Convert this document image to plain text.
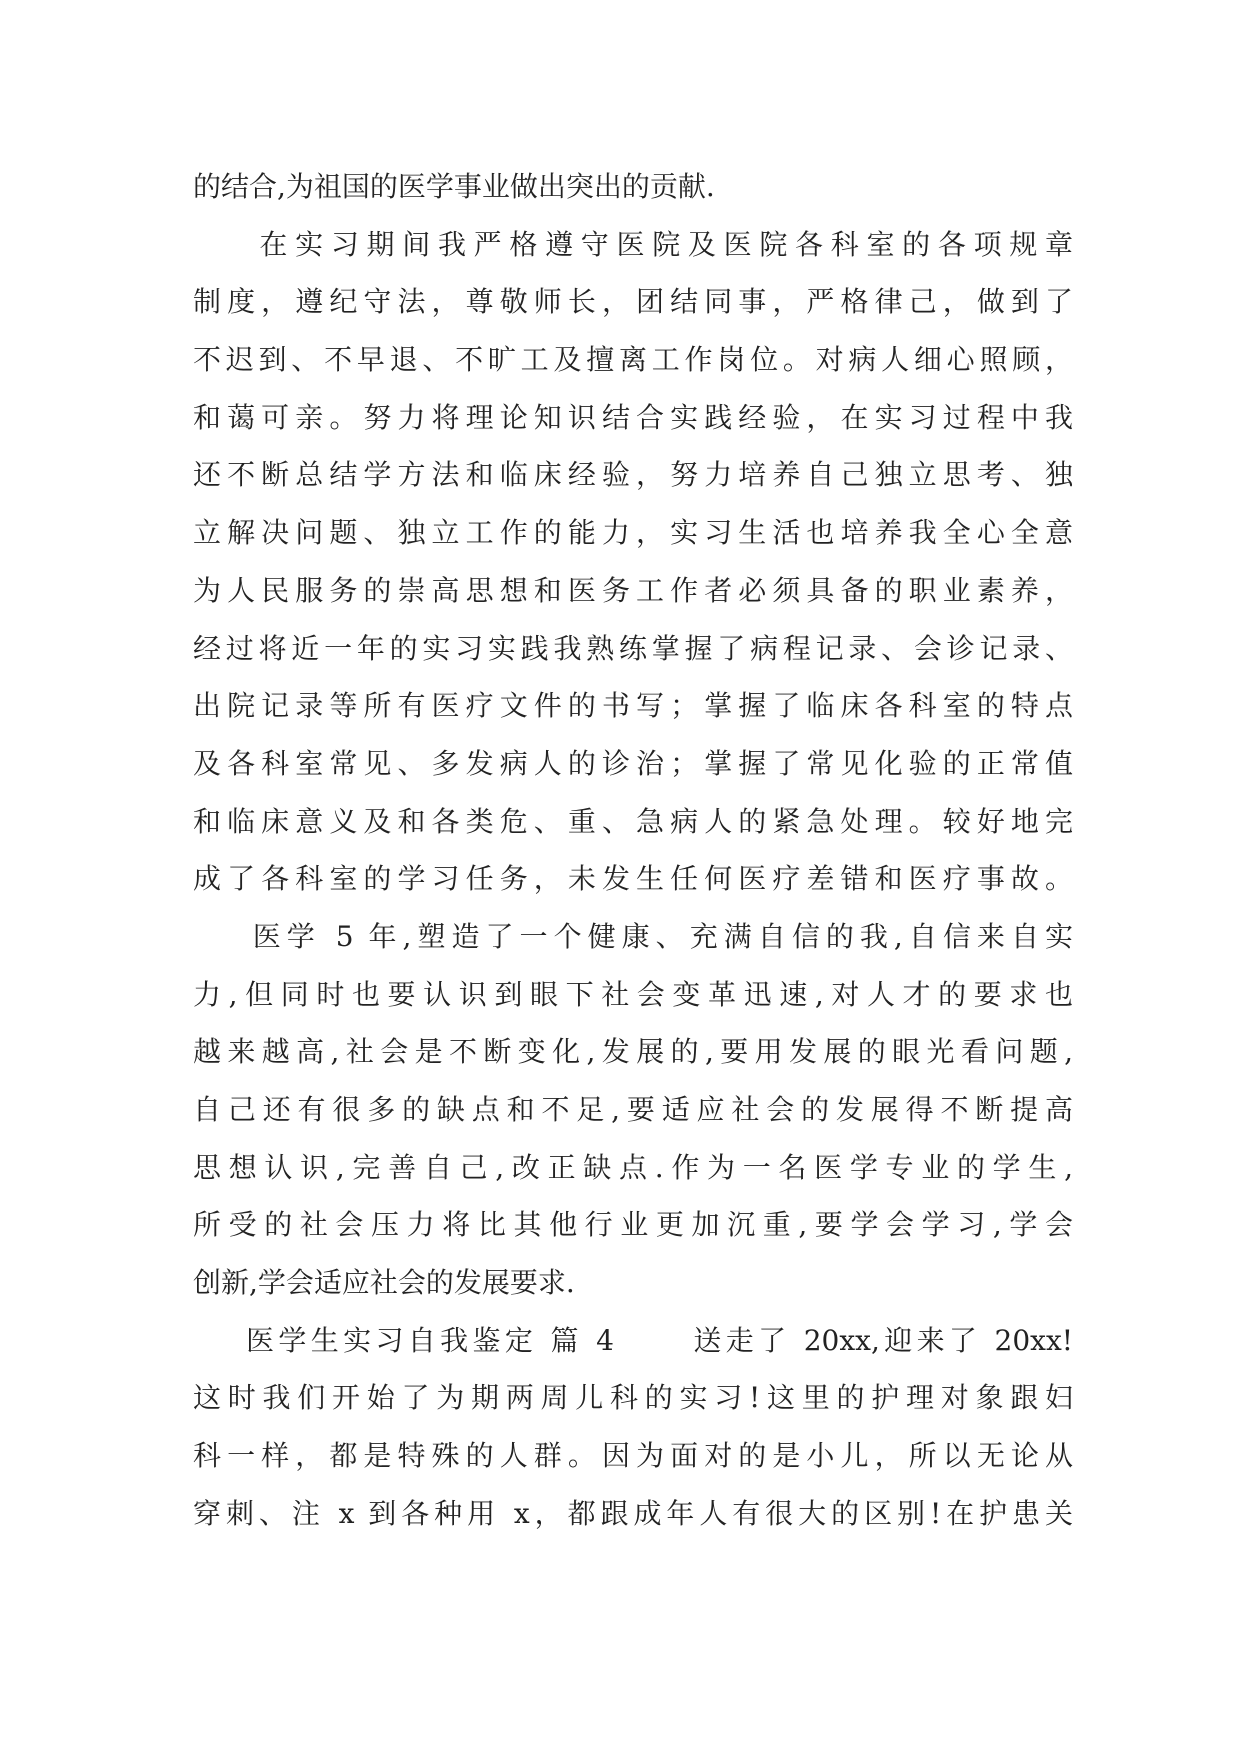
的结合,为祖国的医学事业做出突出的贡献.
在实习期间我严格遵守医院及医院各科室的各项规章
制度，遵纪守法，尊敬师长，团结同事，严格律己，做到了
不迟到、不早退、不旷工及擅离工作岗位。对病人细心照顾，
和蔼可亲。努力将理论知识结合实践经验，在实习过程中我
还不断总结学方法和临床经验，努力培养自己独立思考、独
立解决问题、独立工作的能力，实习生活也培养我全心全意
为人民服务的崇高思想和医务工作者必须具备的职业素养，
经过将近一年的实习实践我熟练掌握了病程记录、会诊记录、
出院记录等所有医疗文件的书写；掌握了临床各科室的特点
及各科室常见、多发病人的诊治；掌握了常见化验的正常值
和临床意义及和各类危、重、急病人的紧急处理。较好地完
成了各科室的学习任务，未发生任何医疗差错和医疗事故。
医学 5 年,塑造了一个健康、充满自信的我,自信来自实
力,但同时也要认识到眼下社会变革迅速,对人才的要求也
越来越高,社会是不断变化,发展的,要用发展的眼光看问题,
自己还有很多的缺点和不足,要适应社会的发展得不断提高
思想认识,完善自己,改正缺点.作为一名医学专业的学生,
所受的社会压力将比其他行业更加沉重,要学会学习,学会
创新,学会适应社会的发展要求.
医学生实习自我鉴定 篇 4      送走了 20xx,迎来了 20xx!
这时我们开始了为期两周儿科的实习!这里的护理对象跟妇
科一样，都是特殊的人群。因为面对的是小儿，所以无论从
穿刺、注 x 到各种用 x，都跟成年人有很大的区别!在护患关
